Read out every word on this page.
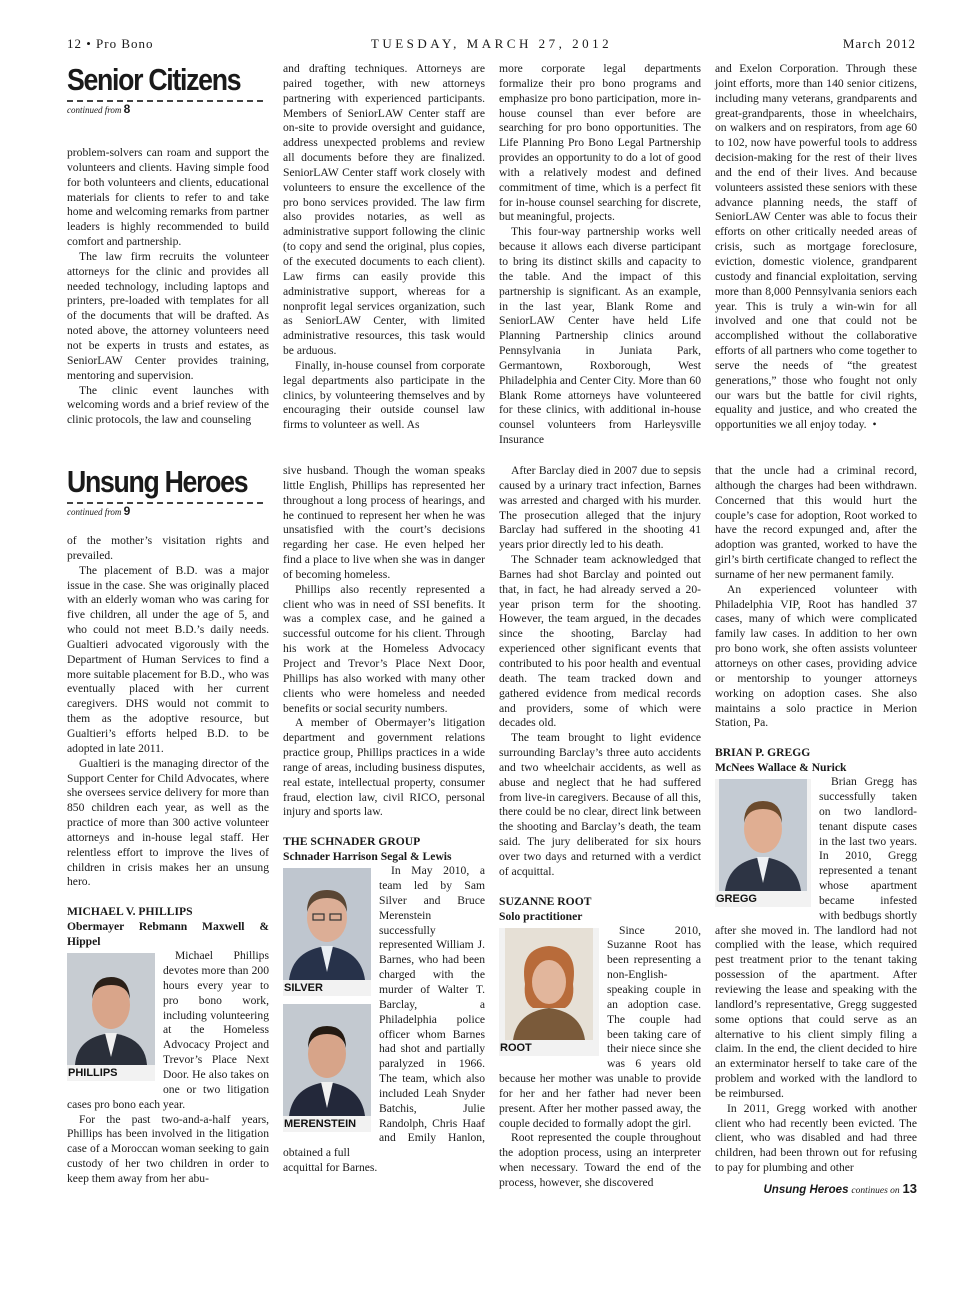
12 • Pro Bono	TUESDAY, MARCH 27, 2012	March 2012
Senior Citizens
continued from 8

problem-solvers can roam and support the volunteers and clients. Having simple food for both volunteers and clients, educational materials for clients to refer to and take home and welcoming remarks from partner leaders is highly recommended to build comfort and partnership.

The law firm recruits the volunteer attorneys for the clinic and provides all needed technology, including laptops and printers, pre-loaded with templates for all of the documents that will be drafted. As noted above, the attorney volunteers need not be experts in trusts and estates, as SeniorLAW Center provides training, mentoring and supervision.

The clinic event launches with welcoming words and a brief review of the clinic protocols, the law and counseling

and drafting techniques. Attorneys are paired together, with new attorneys partnering with experienced participants. Members of SeniorLAW Center staff are on-site to provide oversight and guidance, address unexpected problems and review all documents before they are finalized. SeniorLAW Center staff work closely with volunteers to ensure the excellence of the pro bono services provided. The law firm also provides notaries, as well as administrative support following the clinic (to copy and send the original, plus copies, of the executed documents to each client). Law firms can easily provide this administrative support, whereas for a nonprofit legal services organization, such as SeniorLAW Center, with limited administrative resources, this task would be arduous.

Finally, in-house counsel from corporate legal departments also participate in the clinics, by volunteering themselves and by encouraging their outside counsel law firms to volunteer as well. As

more corporate legal departments formalize their pro bono programs and emphasize pro bono participation, more in-house counsel than ever before are searching for pro bono opportunities. The Life Planning Pro Bono Legal Partnership provides an opportunity to do a lot of good with a relatively modest and defined commitment of time, which is a perfect fit for in-house counsel searching for discrete, but meaningful, projects.

This four-way partnership works well because it allows each diverse participant to bring its distinct skills and capacity to the table. And the impact of this partnership is significant. As an example, in the last year, Blank Rome and SeniorLAW Center have held Life Planning Partnership clinics around Pennsylvania in Juniata Park, Germantown, Roxborough, West Philadelphia and Center City. More than 60 Blank Rome attorneys have volunteered for these clinics, with additional in-house counsel volunteers from Harleysville Insurance

and Exelon Corporation. Through these joint efforts, more than 140 senior citizens, including many veterans, grandparents and great-grandparents, those in wheelchairs, on walkers and on respirators, from age 60 to 102, now have powerful tools to address decision-making for the rest of their lives and the end of their lives. And because volunteers assisted these seniors with these advance planning needs, the staff of SeniorLAW Center was able to focus their efforts on other critically needed areas of crisis, such as mortgage foreclosure, eviction, domestic violence, grandparent custody and financial exploitation, serving more than 8,000 Pennsylvania seniors each year. This is truly a win-win for all involved and one that could not be accomplished without the collaborative efforts of all partners who come together to serve the needs of “the greatest generations,” those who fought not only our wars but the battle for civil rights, equality and justice, and who created the opportunities we all enjoy today. •

Unsung Heroes
continued from 9

of the mother’s visitation rights and prevailed.

The placement of B.D. was a major issue in the case. She was originally placed with an elderly woman who was caring for five children, all under the age of 5, and who could not meet B.D.’s daily needs. Gualtieri advocated vigorously with the Department of Human Services to find a more suitable placement for B.D., who was eventually placed with her current caregivers. DHS would not commit to them as the adoptive resource, but Gualtieri’s efforts helped B.D. to be adopted in late 2011.

Gualtieri is the managing director of the Support Center for Child Advocates, where she oversees service delivery for more than 850 children each year, as well as the practice of more than 300 active volunteer attorneys and in-house legal staff. Her relentless effort to improve the lives of children in crisis makes her an unsung hero.

MICHAEL V. PHILLIPS
Obermayer Rebmann Maxwell & Hippel
PHILLIPS

Michael Phillips devotes more than 200 hours every year to pro bono work, including volunteering at the Homeless Advocacy Project and Trevor’s Place Next Door. He also takes on one or two litigation cases pro bono each year.

For the past two-and-a-half years, Phillips has been involved in the litigation case of a Moroccan woman seeking to gain custody of her two children in order to keep them away from her abu-

sive husband. Though the woman speaks little English, Phillips has represented her throughout a long process of hearings, and he continued to represent her when he was unsatisfied with the court’s decisions regarding her case. He even helped her find a place to live when she was in danger of becoming homeless.

Phillips also recently represented a client who was in need of SSI benefits. It was a complex case, and he gained a successful outcome for his client. Through his work at the Homeless Advocacy Project and Trevor’s Place Next Door, Phillips has also worked with many other clients who were homeless and needed benefits or social security numbers.

A member of Obermayer’s litigation department and government relations practice group, Phillips practices in a wide range of areas, including business disputes, real estate, intellectual property, consumer fraud, election law, civil RICO, personal injury and sports law.

THE SCHNADER GROUP
Schnader Harrison Segal & Lewis
SILVER
MERENSTEIN

In May 2010, a team led by Sam Silver and Bruce Merenstein successfully represented William J. Barnes, who had been charged with the murder of Walter T. Barclay, a Philadelphia police officer whom Barnes had shot and partially paralyzed in 1966. The team, which also included Leah Snyder Batchis, Julie Randolph, Chris Haaf and Emily Hanlon, obtained a full

acquittal for Barnes.

After Barclay died in 2007 due to sepsis caused by a urinary tract infection, Barnes was arrested and charged with his murder. The prosecution alleged that the injury Barclay had suffered in the shooting 41 years prior directly led to his death.

The Schnader team acknowledged that Barnes had shot Barclay and pointed out that, in fact, he had already served a 20-year prison term for the shooting. However, the team argued, in the decades since the shooting, Barclay had experienced other significant events that contributed to his poor health and eventual death. The team tracked down and gathered evidence from medical records and providers, some of which were decades old.

The team brought to light evidence surrounding Barclay’s three auto accidents and two wheelchair accidents, as well as abuse and neglect that he had suffered from live-in caregivers. Because of all this, there could be no clear, direct link between the shooting and Barclay’s death, the team said. The jury deliberated for six hours over two days and returned with a verdict of acquittal.

SUZANNE ROOT
Solo practitioner
ROOT

Since 2010, Suzanne Root has been representing a non-English-speaking couple in an adoption case. The couple had been taking care of their niece since she was 6 years old because her mother was unable to provide for her and her father had never been present. After her mother passed away, the couple decided to formally adopt the girl.

Root represented the couple throughout the adoption process, using an interpreter when necessary. Toward the end of the process, however, she discovered

that the uncle had a criminal record, although the charges had been withdrawn. Concerned that this would hurt the couple’s case for adoption, Root worked to have the record expunged and, after the adoption was granted, worked to have the girl’s birth certificate changed to reflect the surname of her new permanent family.

An experienced volunteer with Philadelphia VIP, Root has handled 37 cases, many of which were complicated family law cases. In addition to her own pro bono work, she often assists volunteer attorneys on other cases, providing advice or mentorship to younger attorneys working on adoption cases. She also maintains a solo practice in Merion Station, Pa.

BRIAN P. GREGG
McNees Wallace & Nurick
GREGG

Brian Gregg has successfully taken on two landlord-tenant dispute cases in the last two years. In 2010, Gregg represented a tenant whose apartment became infested with bedbugs shortly after she moved in. The landlord had not complied with the lease, which required pest treatment prior to the tenant taking possession of the apartment. After reviewing the lease and speaking with the landlord’s representative, Gregg suggested some options that could serve as an alternative to his client simply filing a claim. In the end, the client decided to hire an exterminator herself to take care of the problem and worked with the landlord to be reimbursed.

In 2011, Gregg worked with another client who had recently been evicted. The client, who was disabled and had three children, had been thrown out for refusing to pay for plumbing and other

Unsung Heroes continues on 13
